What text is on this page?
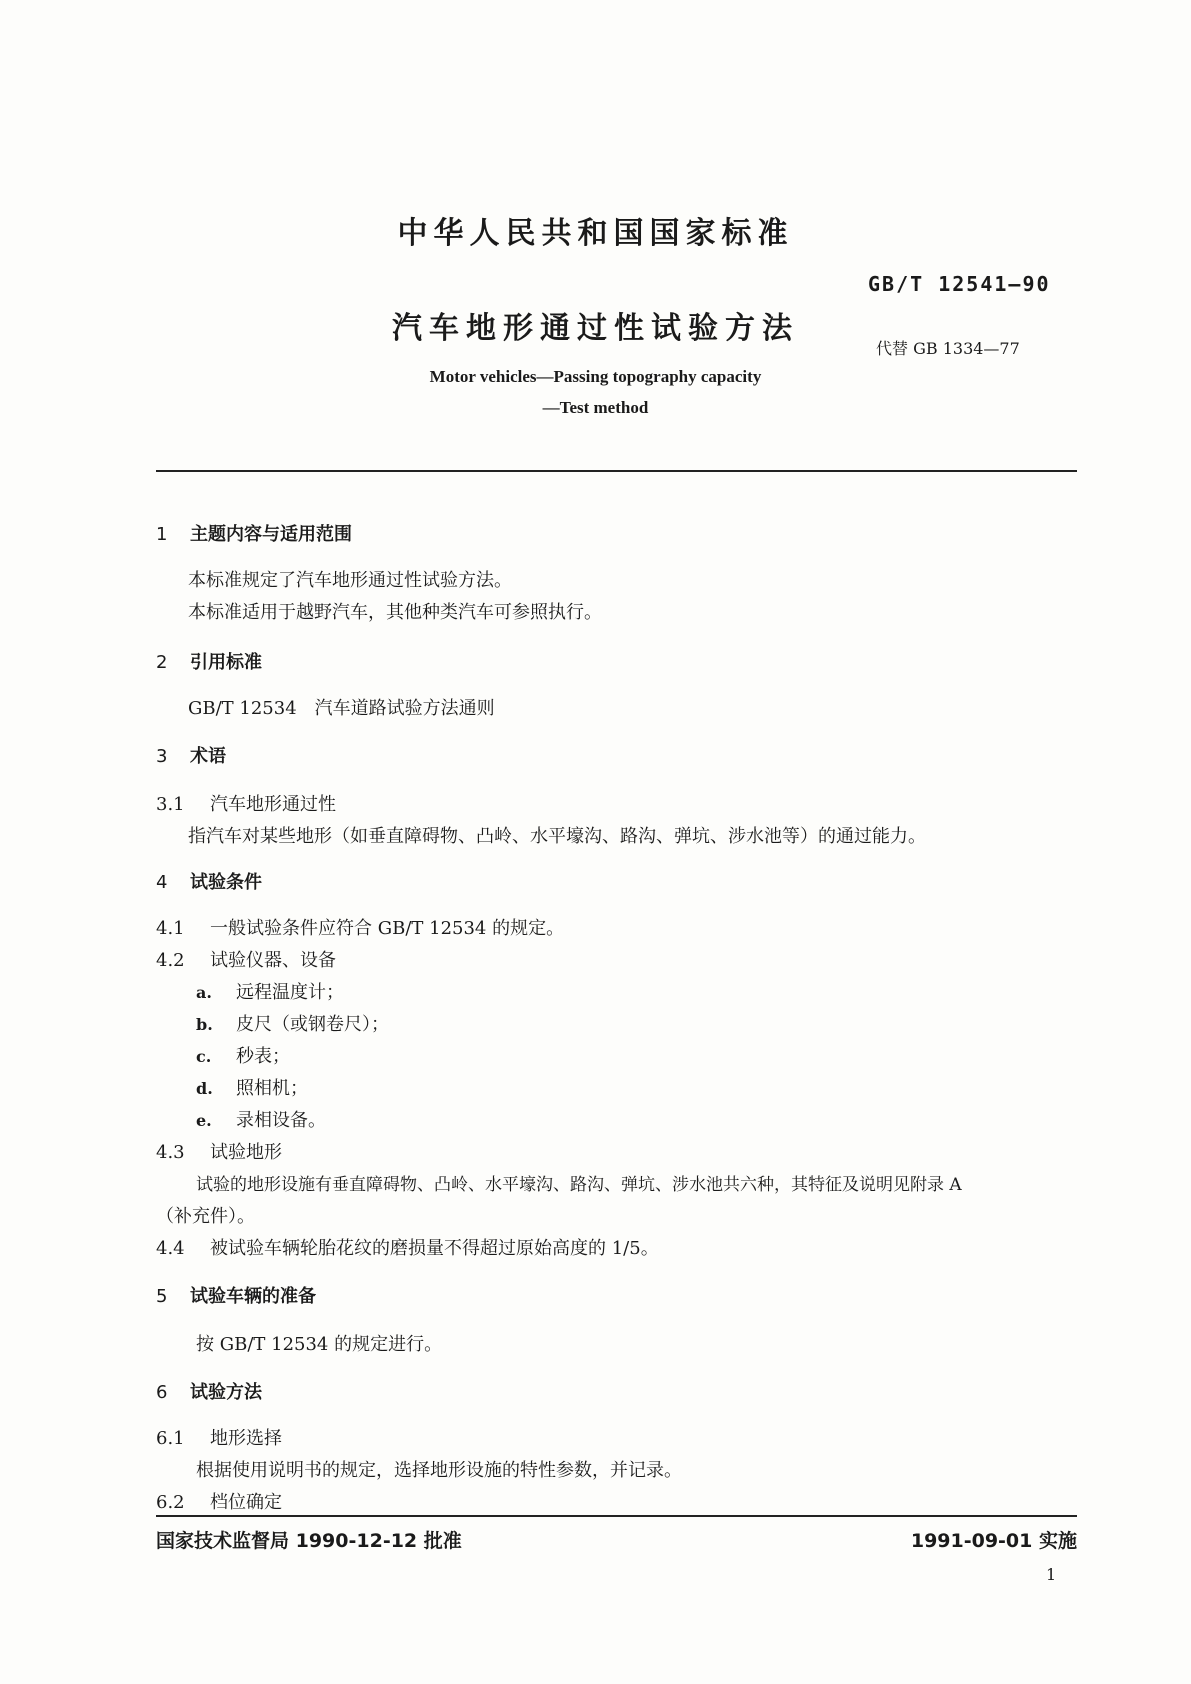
中华人民共和国国家标准
GB/T 12541—90
汽车地形通过性试验方法
代替 GB 1334—77
Motor vehicles—Passing topography capacity
—Test method
1 主题内容与适用范围
本标准规定了汽车地形通过性试验方法。
本标准适用于越野汽车，其他种类汽车可参照执行。
2 引用标准
GB/T 12534　汽车道路试验方法通则
3 术语
3.1 汽车地形通过性
指汽车对某些地形（如垂直障碍物、凸岭、水平壕沟、路沟、弹坑、涉水池等）的通过能力。
4 试验条件
4.1 一般试验条件应符合 GB/T 12534 的规定。
4.2 试验仪器、设备
a. 远程温度计；
b. 皮尺（或钢卷尺）；
c. 秒表；
d. 照相机；
e. 录相设备。
4.3 试验地形
试验的地形设施有垂直障碍物、凸岭、水平壕沟、路沟、弹坑、涉水池共六种，其特征及说明见附录 A
（补充件）。
4.4 被试验车辆轮胎花纹的磨损量不得超过原始高度的 1/5。
5 试验车辆的准备
按 GB/T 12534 的规定进行。
6 试验方法
6.1 地形选择
根据使用说明书的规定，选择地形设施的特性参数，并记录。
6.2 档位确定
国家技术监督局 1990-12-12 批准	1991-09-01 实施
1
